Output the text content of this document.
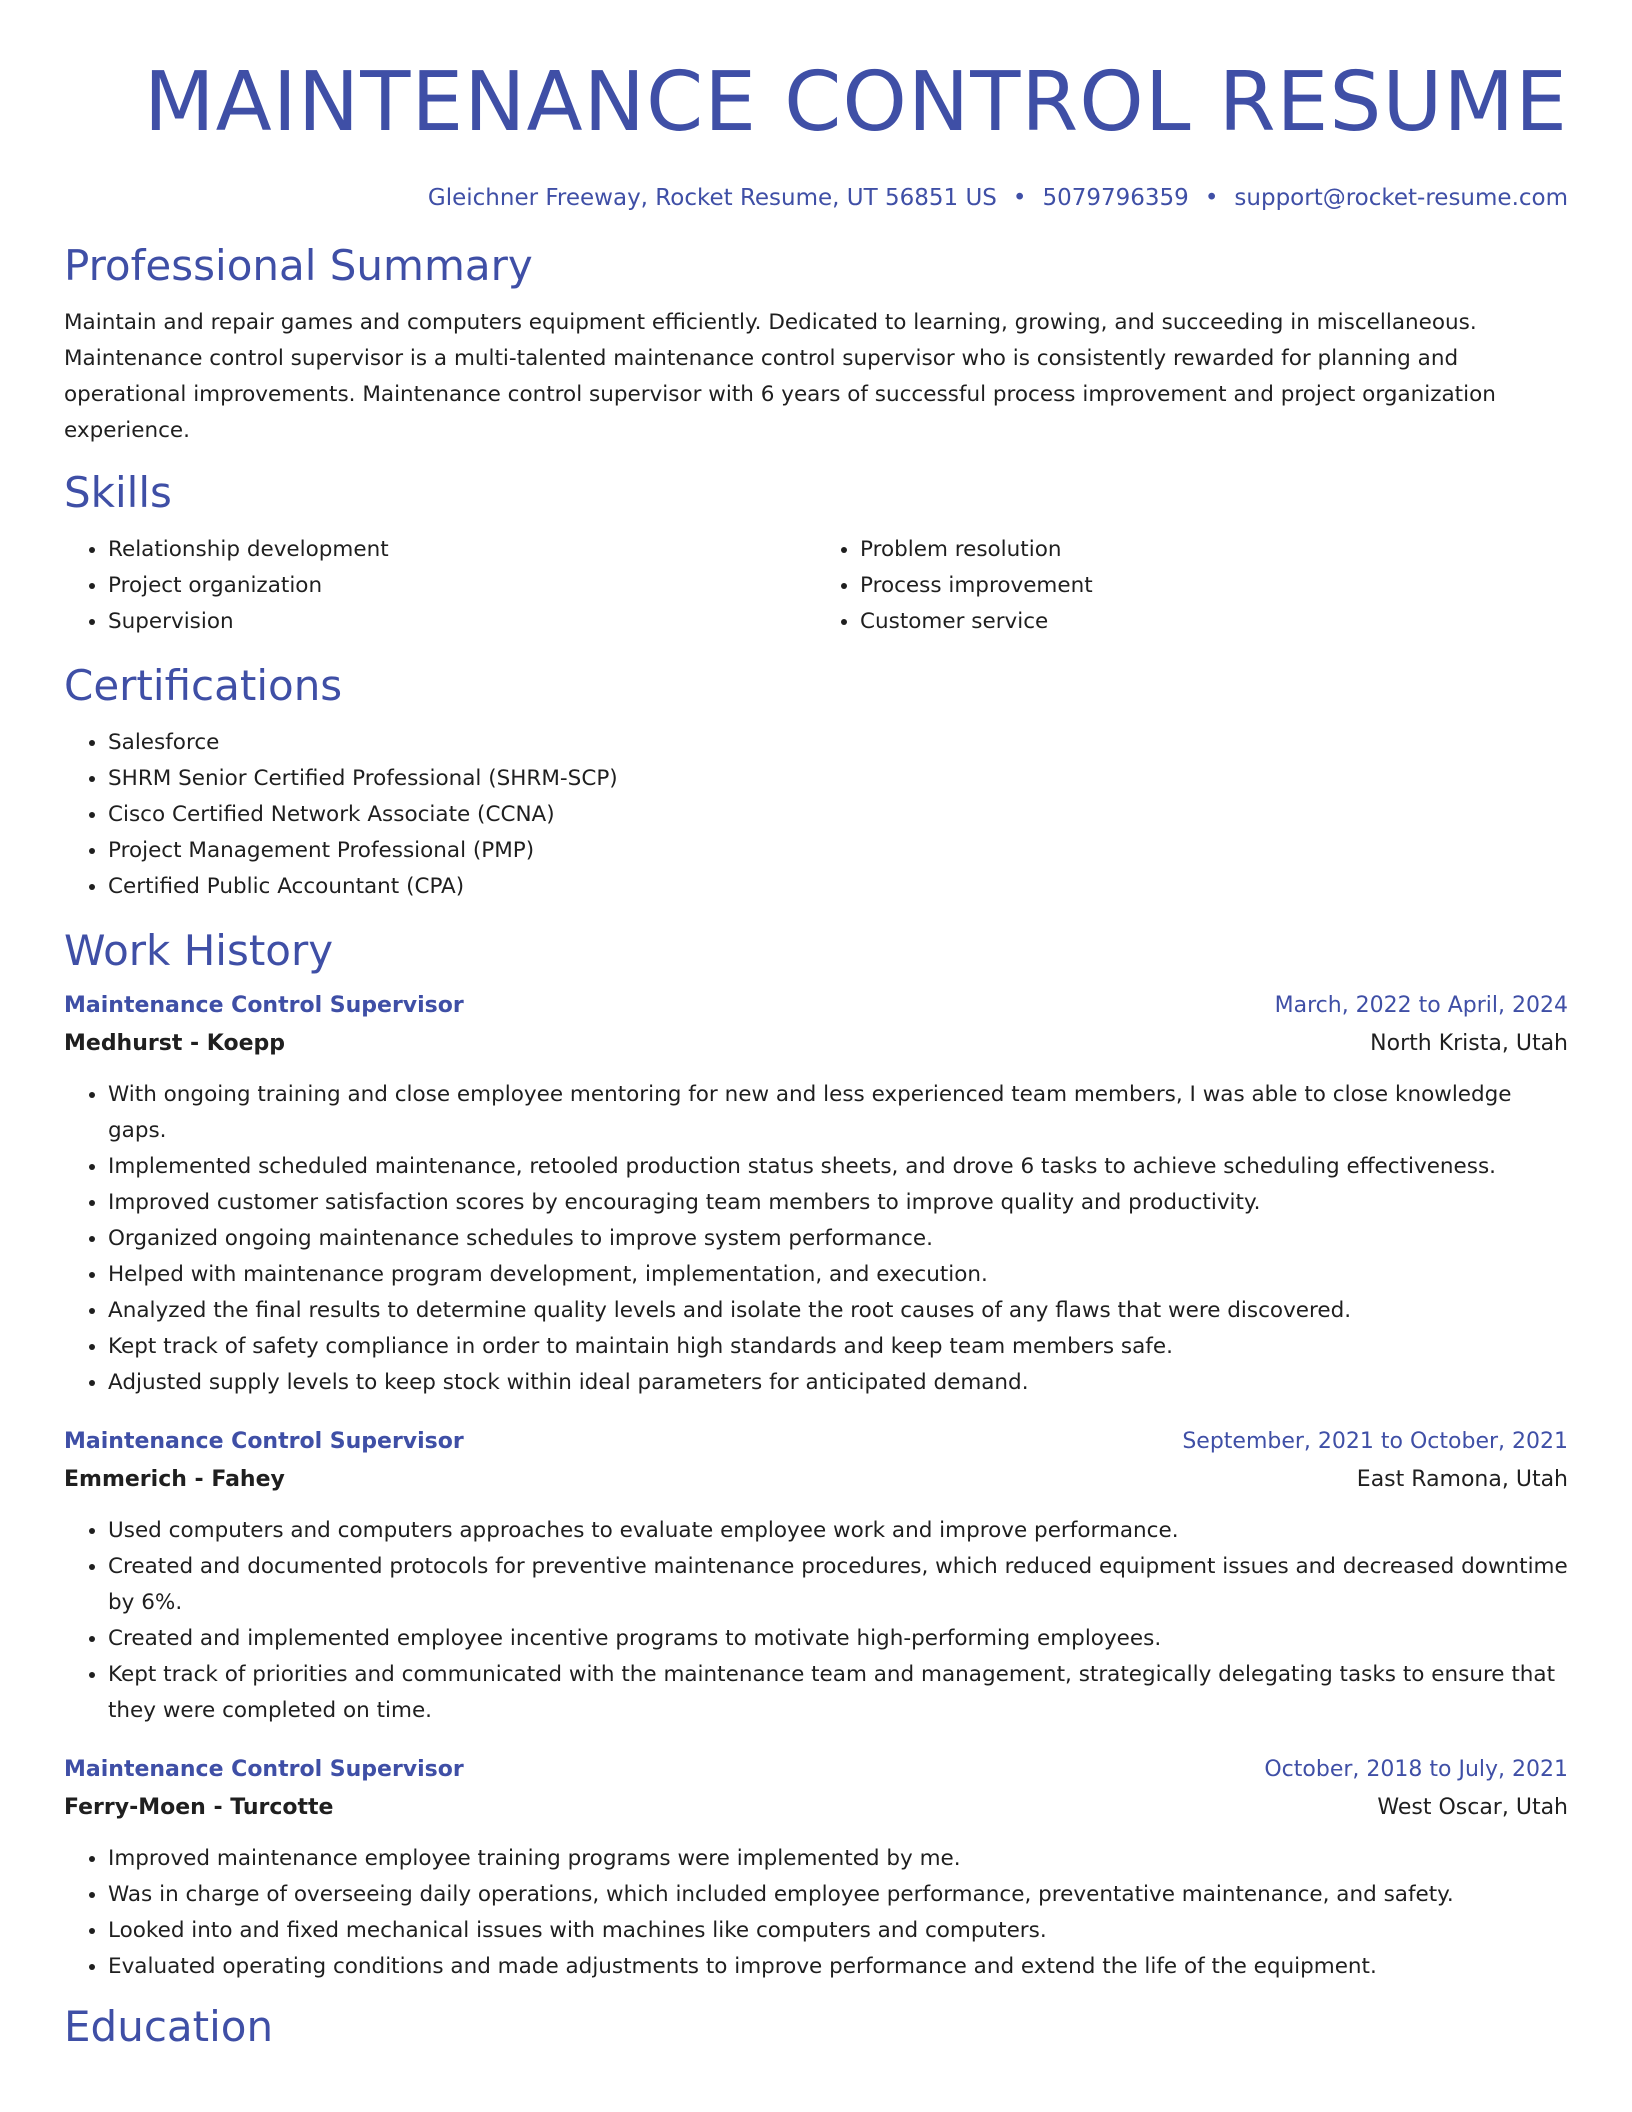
MAINTENANCE CONTROL RESUME
Gleichner Freeway, Rocket Resume, UT 56851 US • 5079796359 • support@rocket-resume.com
Professional Summary

Maintain and repair games and computers equipment efficiently. Dedicated to learning, growing, and succeeding in miscellaneous. Maintenance control supervisor is a multi-talented maintenance control supervisor who is consistently rewarded for planning and operational improvements. Maintenance control supervisor with 6 years of successful process improvement and project organization experience.

Skills
• Relationship development
• Project organization
• Supervision
• Problem resolution
• Process improvement
• Customer service
Certifications
• Salesforce
• SHRM Senior Certified Professional (SHRM-SCP)
• Cisco Certified Network Associate (CCNA)
• Project Management Professional (PMP)
• Certified Public Accountant (CPA)
Work History
Maintenance Control Supervisor	March, 2022 to April, 2024
Medhurst - Koepp	North Krista, Utah
• With ongoing training and close employee mentoring for new and less experienced team members, I was able to close knowledge gaps.
• Implemented scheduled maintenance, retooled production status sheets, and drove 6 tasks to achieve scheduling effectiveness.
• Improved customer satisfaction scores by encouraging team members to improve quality and productivity.
• Organized ongoing maintenance schedules to improve system performance.
• Helped with maintenance program development, implementation, and execution.
• Analyzed the final results to determine quality levels and isolate the root causes of any flaws that were discovered.
• Kept track of safety compliance in order to maintain high standards and keep team members safe.
• Adjusted supply levels to keep stock within ideal parameters for anticipated demand.
Maintenance Control Supervisor	September, 2021 to October, 2021
Emmerich - Fahey	East Ramona, Utah
• Used computers and computers approaches to evaluate employee work and improve performance.
• Created and documented protocols for preventive maintenance procedures, which reduced equipment issues and decreased downtime by 6%.
• Created and implemented employee incentive programs to motivate high-performing employees.
• Kept track of priorities and communicated with the maintenance team and management, strategically delegating tasks to ensure that they were completed on time.
Maintenance Control Supervisor	October, 2018 to July, 2021
Ferry-Moen - Turcotte	West Oscar, Utah
• Improved maintenance employee training programs were implemented by me.
• Was in charge of overseeing daily operations, which included employee performance, preventative maintenance, and safety.
• Looked into and fixed mechanical issues with machines like computers and computers.
• Evaluated operating conditions and made adjustments to improve performance and extend the life of the equipment.
Education
